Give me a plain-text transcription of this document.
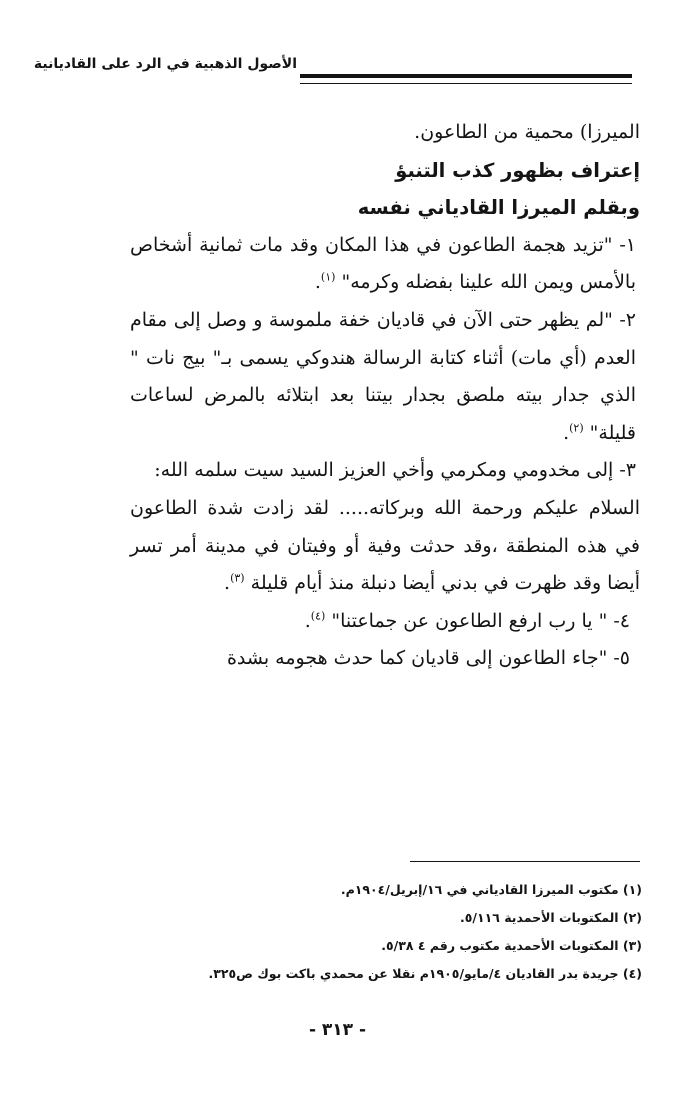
الأصول الذهبية في الرد على القاديانية

الميرزا) محمية من الطاعون.

إعتراف بظهور كذب التنبؤ

وبقلم الميرزا القادياني نفسه

١- "تزيد هجمة الطاعون في هذا المكان وقد مات ثمانية أشخاص بالأمس ويمن الله علينا بفضله وكرمه" $^{(١)}$.

٢- "لم يظهر حتى الآن في قاديان خفة ملموسة و وصل إلى مقام العدم (أي مات) أثناء كتابة الرسالة هندوكي يسمى بـ" بيج نات " الذي جدار بيته ملصق بجدار بيتنا بعد ابتلائه بالمرض لساعات قليلة" $^{(٢)}$.

٣- إلى مخدومي ومكرمي وأخي العزيز السيد سيت سلمه الله:

السلام عليكم ورحمة الله وبركاته..... لقد زادت شدة الطاعون في هذه المنطقة ،وقد حدثت وفية أو وفيتان في مدينة أمر تسر أيضا وقد ظهرت في بدني أيضا دنبلة منذ أيام قليلة $^{(٣)}$.

٤- " يا رب ارفع الطاعون عن جماعتنا" $^{(٤)}$.

٥- "جاء الطاعون إلى قاديان كما حدث هجومه بشدة

(١) مكتوب الميرزا القادياني في ١٦/إبريل/١٩٠٤م.
(٢) المكتوبات الأحمدية ٥/١١٦.
(٣) المكتوبات الأحمدية مكتوب رقم ٤ ٥/٣٨.
(٤) جريدة بدر القاديان ٤/مايو/١٩٠٥م نقلا عن محمدي باكت بوك ص٣٢٥.
- ٣١٣ -
